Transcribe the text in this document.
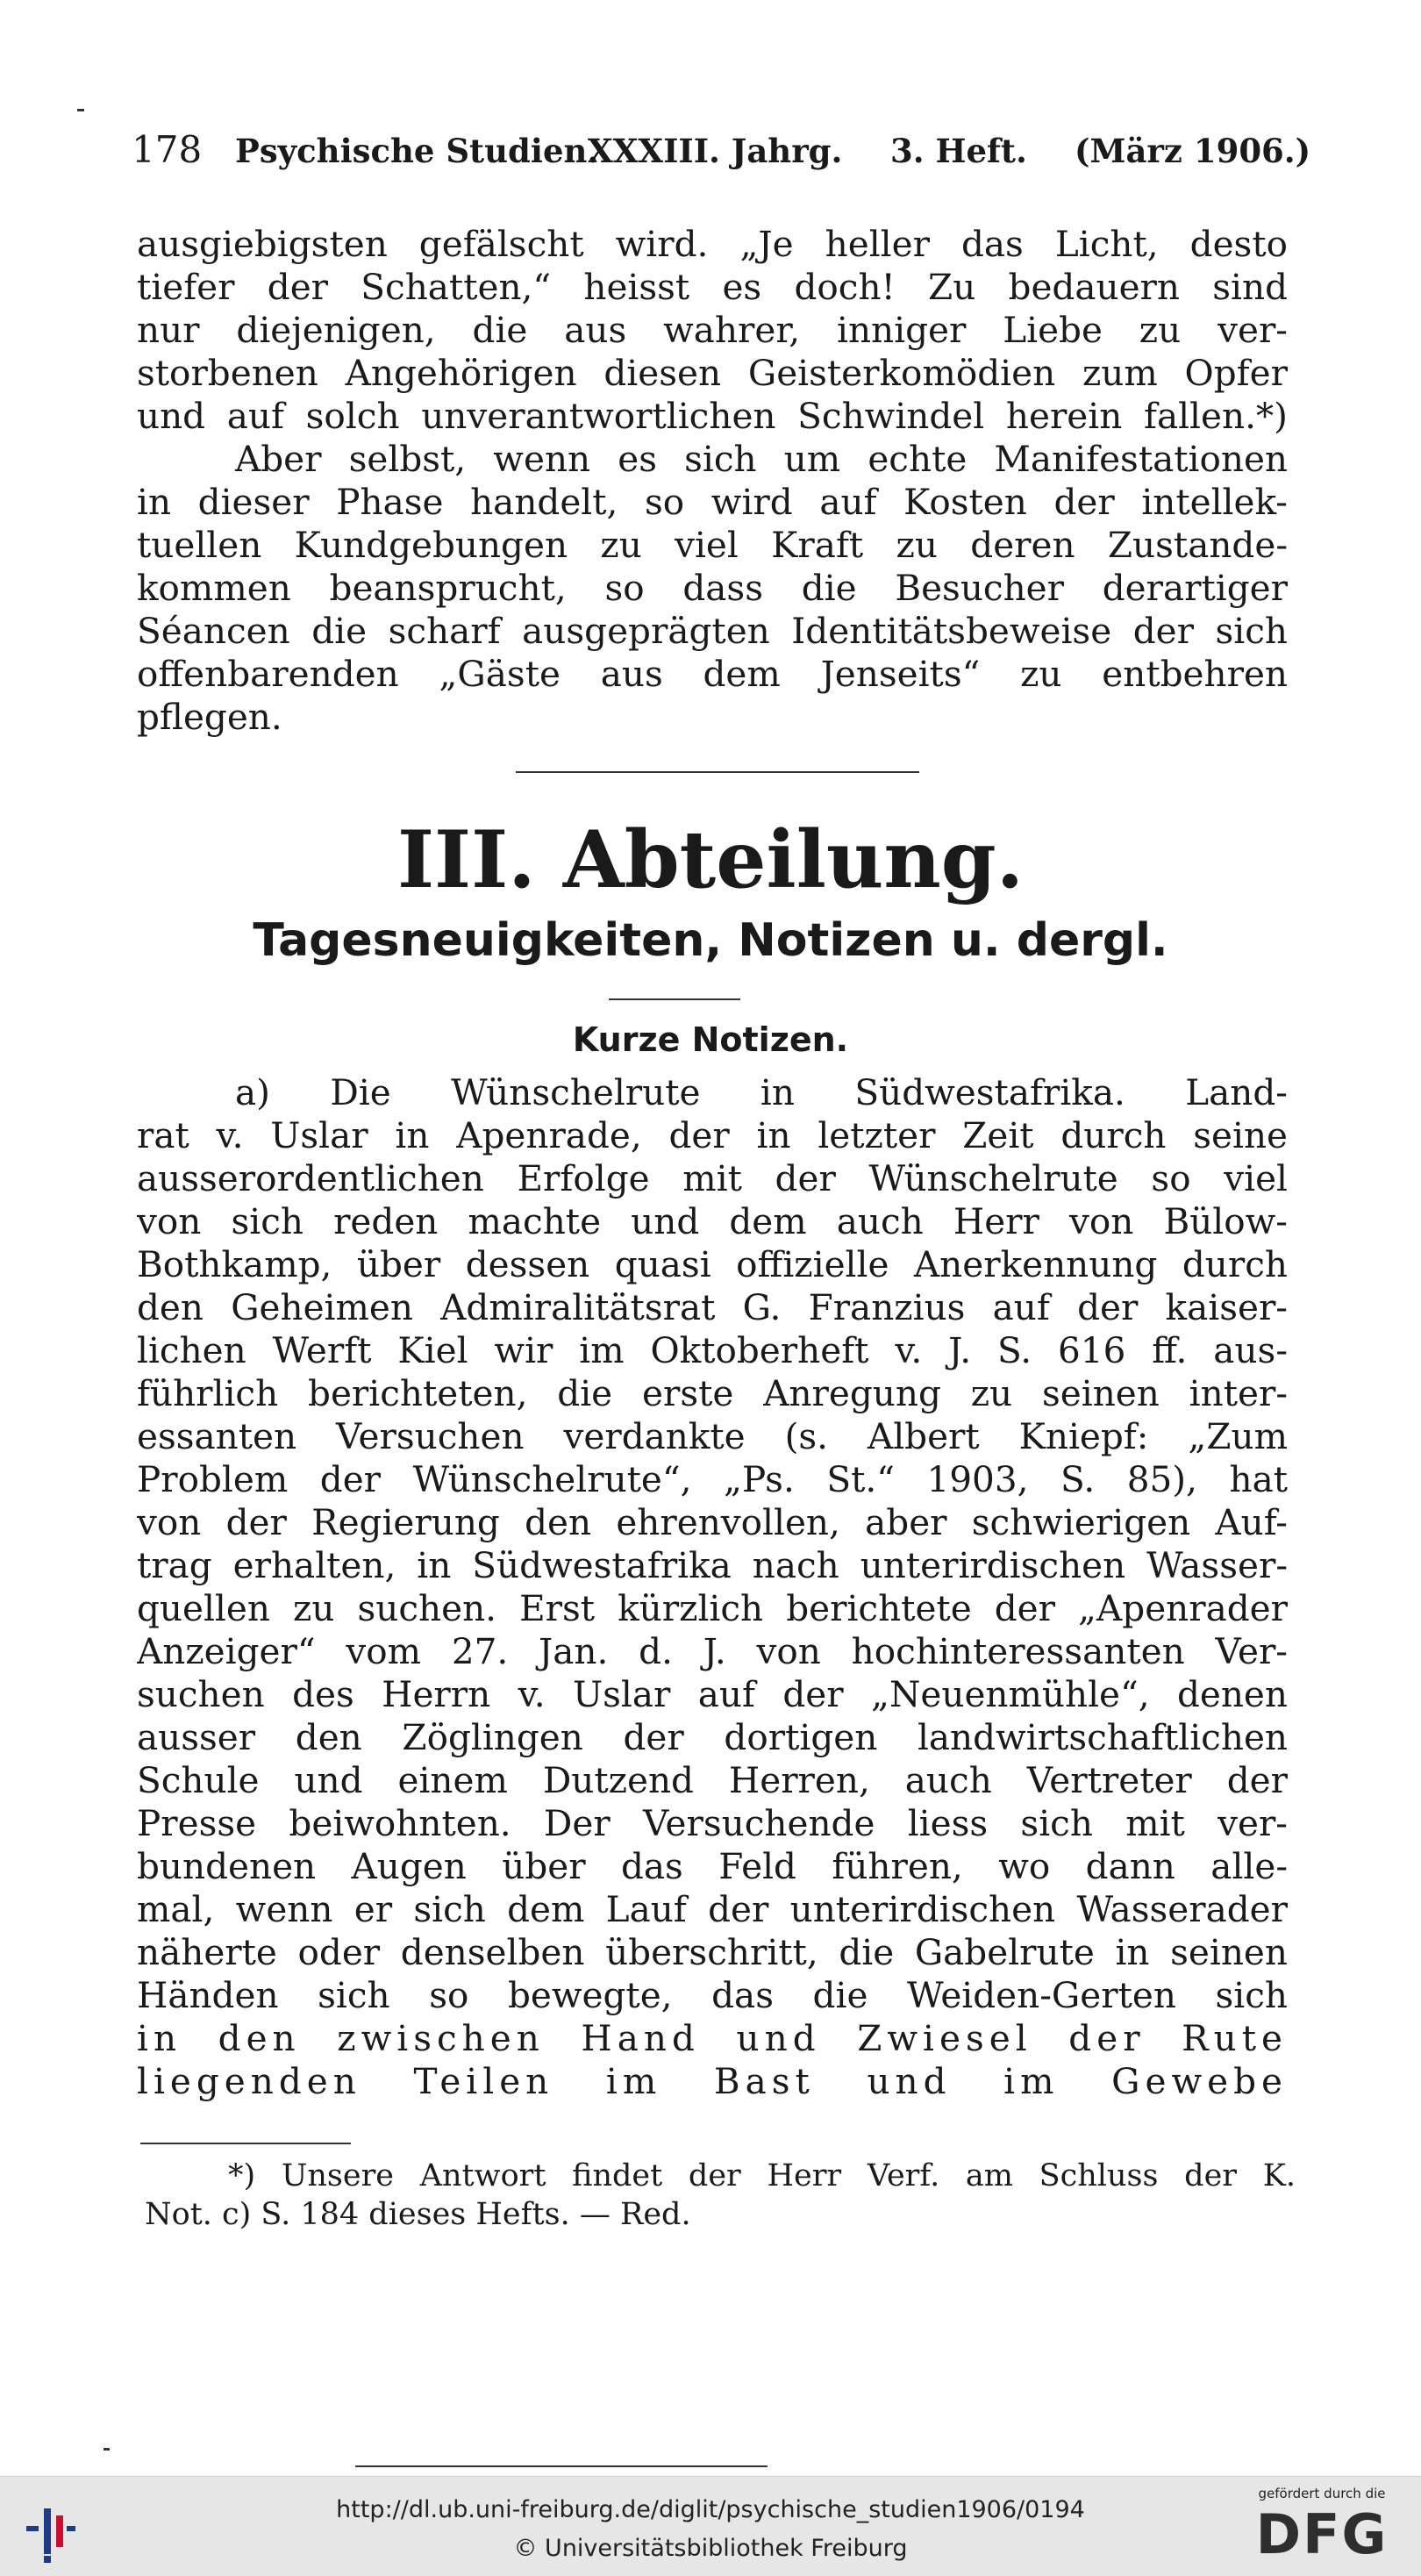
178 Psychische Studien.
XXXIII. Jahrg. 3. Heft. (März 1906.)
ausgiebigsten gefälscht wird. „Je heller das Licht, desto
tiefer der Schatten,“ heisst es doch! Zu bedauern sind
nur diejenigen, die aus wahrer, inniger Liebe zu ver-
storbenen Angehörigen diesen Geisterkomödien zum Opfer
und auf solch unverantwortlichen Schwindel herein fallen.*)
Aber selbst, wenn es sich um echte Manifestationen
in dieser Phase handelt, so wird auf Kosten der intellek-
tuellen Kundgebungen zu viel Kraft zu deren Zustande-
kommen beansprucht, so dass die Besucher derartiger
Séancen die scharf ausgeprägten Identitätsbeweise der sich
offenbarenden „Gäste aus dem Jenseits“ zu entbehren
pflegen.
III. Abteilung.
Tagesneuigkeiten, Notizen u. dergl.
Kurze Notizen.
a) Die Wünschelrute in Südwestafrika. Land-
rat v. Uslar in Apenrade, der in letzter Zeit durch seine
ausserordentlichen Erfolge mit der Wünschelrute so viel
von sich reden machte und dem auch Herr von Bülow-
Bothkamp, über dessen quasi offizielle Anerkennung durch
den Geheimen Admiralitätsrat G. Franzius auf der kaiser-
lichen Werft Kiel wir im Oktoberheft v. J. S. 616 ff. aus-
führlich berichteten, die erste Anregung zu seinen inter-
essanten Versuchen verdankte (s. Albert Kniepf: „Zum
Problem der Wünschelrute“, „Ps. St.“ 1903, S. 85), hat
von der Regierung den ehrenvollen, aber schwierigen Auf-
trag erhalten, in Südwestafrika nach unterirdischen Wasser-
quellen zu suchen. Erst kürzlich berichtete der „Apenrader
Anzeiger“ vom 27. Jan. d. J. von hochinteressanten Ver-
suchen des Herrn v. Uslar auf der „Neuenmühle“, denen
ausser den Zöglingen der dortigen landwirtschaftlichen
Schule und einem Dutzend Herren, auch Vertreter der
Presse beiwohnten. Der Versuchende liess sich mit ver-
bundenen Augen über das Feld führen, wo dann alle-
mal, wenn er sich dem Lauf der unterirdischen Wasserader
näherte oder denselben überschritt, die Gabelrute in seinen
Händen sich so bewegte, das die Weiden-Gerten sich
in den zwischen Hand und Zwiesel der Rute
liegenden Teilen im Bast und im Gewebe
*) Unsere Antwort findet der Herr Verf. am Schluss der K.
Not. c) S. 184 dieses Hefts. — Red.
http://dl.ub.uni-freiburg.de/diglit/psychische_studien1906/0194
© Universitätsbibliothek Freiburg
gefördert durch die
DFG
